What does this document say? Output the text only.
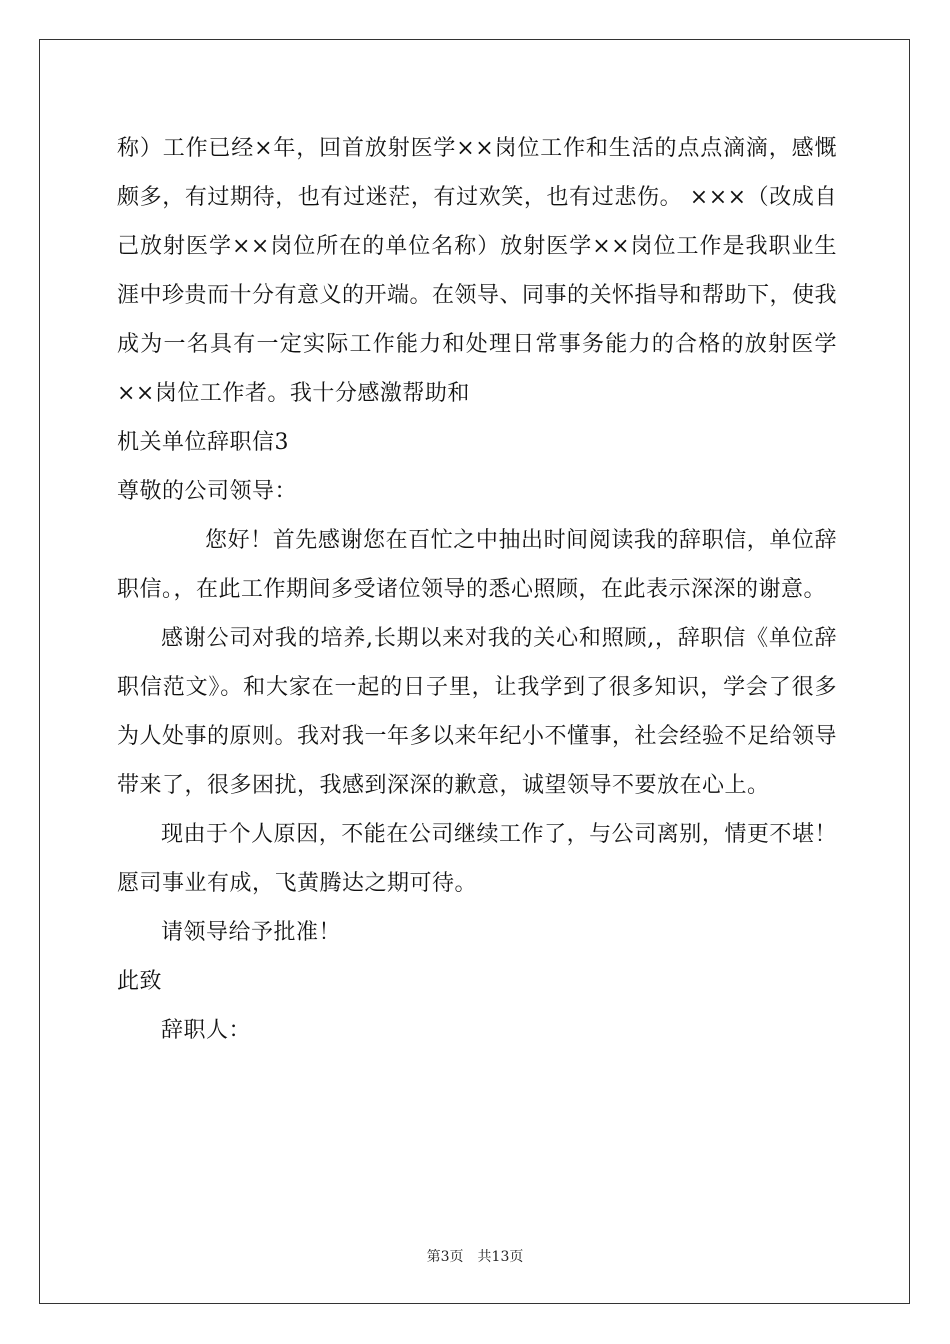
称）工作已经×年，回首放射医学××岗位工作和生活的点点滴滴，感慨颇多，有过期待，也有过迷茫，有过欢笑，也有过悲伤。 ×××（改成自己放射医学××岗位所在的单位名称）放射医学××岗位工作是我职业生涯中珍贵而十分有意义的开端。在领导、同事的关怀指导和帮助下，使我成为一名具有一定实际工作能力和处理日常事务能力的合格的放射医学××岗位工作者。我十分感激帮助和

机关单位辞职信3

尊敬的公司领导：

您好！首先感谢您在百忙之中抽出时间阅读我的辞职信，单位辞职信。，在此工作期间多受诸位领导的悉心照顾，在此表示深深的谢意。

感谢公司对我的培养,长期以来对我的关心和照顾,，辞职信《单位辞职信范文》。和大家在一起的日子里，让我学到了很多知识，学会了很多为人处事的原则。我对我一年多以来年纪小不懂事，社会经验不足给领导带来了，很多困扰，我感到深深的歉意，诚望领导不要放在心上。

现由于个人原因，不能在公司继续工作了，与公司离别，情更不堪！愿司事业有成，飞黄腾达之期可待。

请领导给予批准！

此致

辞职人：

第3页　共13页
